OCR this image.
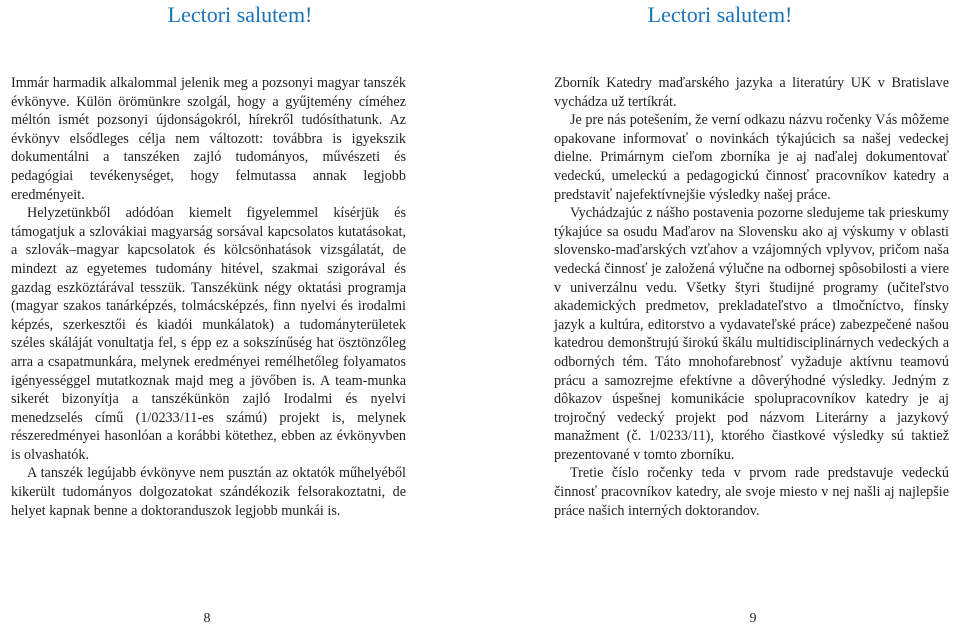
Lectori salutem!

Immár harmadik alkalommal jelenik meg a pozsonyi magyar tanszék évkönyve. Külön örömünkre szolgál, hogy a gyűjtemény címéhez méltón ismét pozsonyi újdonságokról, hírekről tudósíthatunk. Az évkönyv elsődleges célja nem változott: továbbra is igyekszik dokumentálni a tanszéken zajló tudományos, művészeti és pedagógiai tevékenységet, hogy felmutassa annak legjobb eredményeit.

Helyzetünkből adódóan kiemelt figyelemmel kísérjük és támogatjuk a szlovákiai magyarság sorsával kapcsolatos kutatásokat, a szlovák–magyar kapcsolatok és kölcsönhatások vizsgálatát, de mindezt az egyetemes tudomány hitével, szakmai szigorával és gazdag eszköztárával tesszük. Tanszékünk négy oktatási programja (magyar szakos tanárképzés, tolmácsképzés, finn nyelvi és irodalmi képzés, szerkesztői és kiadói munkálatok) a tudományterületek széles skáláját vonultatja fel, s épp ez a sokszínűség hat ösztönzőleg arra a csapatmunkára, melynek eredményei remélhetőleg folyamatos igényességgel mutatkoznak majd meg a jövőben is. A team-munka sikerét bizonyítja a tanszékünkön zajló Irodalmi és nyelvi menedzselés című (1/0233/11-es számú) projekt is, melynek részeredményei hasonlóan a korábbi kötethez, ebben az évkönyvben is olvashatók.

A tanszék legújabb évkönyve nem pusztán az oktatók műhelyéből kikerült tudományos dolgozatokat szándékozik felsorakoztatni, de helyet kapnak benne a doktoranduszok legjobb munkái is.

8
Lectori salutem!

Zborník Katedry maďarského jazyka a literatúry UK v Bratislave vychádza už tertíkrát.

Je pre nás potešením, že verní odkazu názvu ročenky Vás môžeme opakovane informovať o novinkách týkajúcich sa našej vedeckej dielne. Primárnym cieľom zborníka je aj naďalej dokumentovať vedeckú, umeleckú a pedagogickú činnosť pracovníkov katedry a predstaviť najefektívnejšie výsledky našej práce.

Vychádzajúc z nášho postavenia pozorne sledujeme tak prieskumy týkajúce sa osudu Maďarov na Slovensku ako aj výskumy v oblasti slovensko-maďarských vzťahov a vzájomných vplyvov, pričom naša vedecká činnosť je založená výlučne na odbornej spôsobilosti a viere v univerzálnu vedu. Všetky štyri študijné programy (učiteľstvo akademických predmetov, prekladateľstvo a tlmočníctvo, fínsky jazyk a kultúra, editorstvo a vydavateľské práce) zabezpečené našou katedrou demonštrujú širokú škálu multidisciplinárnych vedeckých a odborných tém. Táto mnohofarebnosť vyžaduje aktívnu teamovú prácu a samozrejme efektívne a dôverýhodné výsledky. Jedným z dôkazov úspešnej komunikácie spolupracovníkov katedry je aj trojročný vedecký projekt pod názvom Literárny a jazykový manažment (č. 1/0233/11), ktorého čiastkové výsledky sú taktiež prezentované v tomto zborníku.

Tretie číslo ročenky teda v prvom rade predstavuje vedeckú činnosť pracovníkov katedry, ale svoje miesto v nej našli aj najlepšie práce našich interných doktorandov.

9
